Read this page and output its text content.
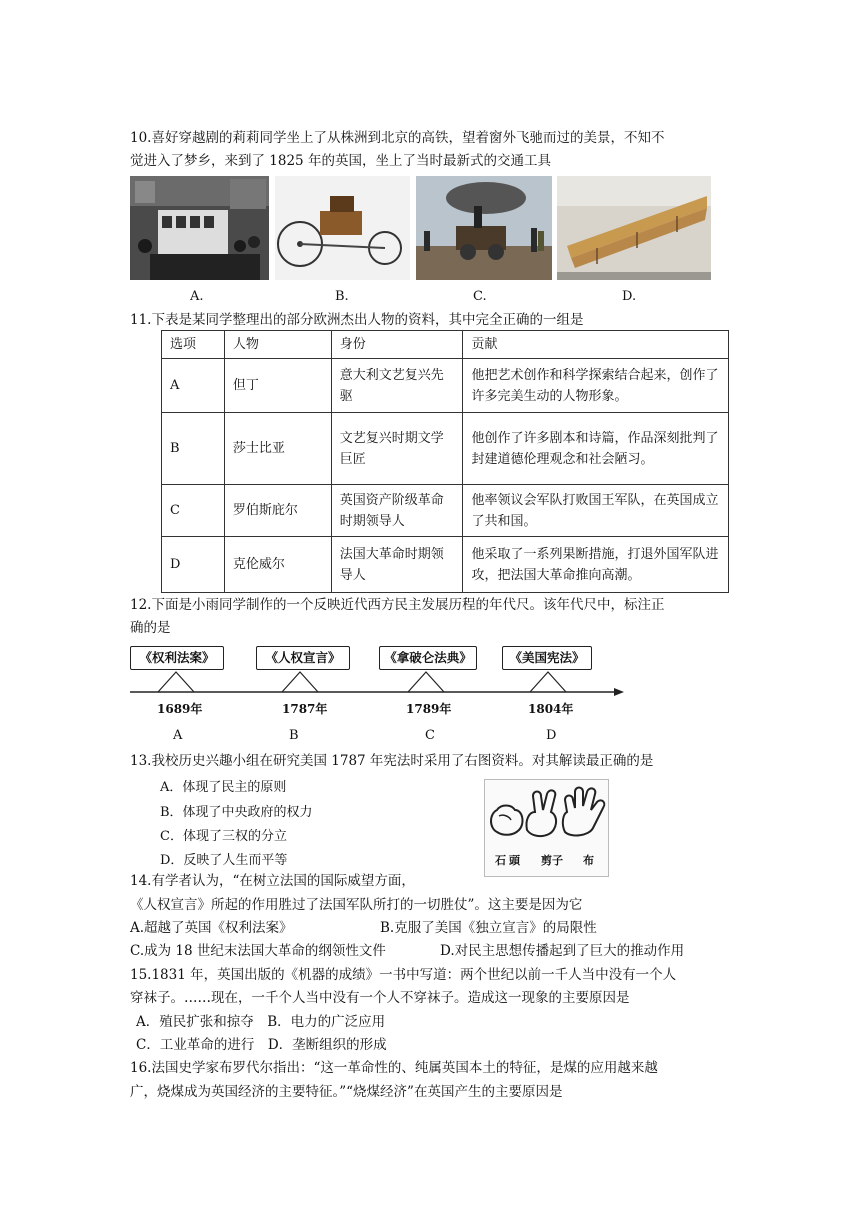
10.喜好穿越剧的莉莉同学坐上了从株洲到北京的高铁，望着窗外飞驰而过的美景，不知不
觉进入了梦乡，来到了 1825 年的英国，坐上了当时最新式的交通工具
A.	B.	C.	D.
11.下表是某同学整理出的部分欧洲杰出人物的资料，其中完全正确的一组是
选项	人物	身份	贡献
A	但丁	意大利文艺复兴先驱	他把艺术创作和科学探索结合起来，创作了许多完美生动的人物形象。
B	莎士比亚	文艺复兴时期文学巨匠	他创作了许多剧本和诗篇，作品深刻批判了封建道德伦理观念和社会陋习。
C	罗伯斯庇尔	英国资产阶级革命时期领导人	他率领议会军队打败国王军队，在英国成立了共和国。
D	克伦威尔	法国大革命时期领导人	他采取了一系列果断措施，打退外国军队进攻，把法国大革命推向高潮。
12.下面是小雨同学制作的一个反映近代西方民主发展历程的年代尺。该年代尺中，标注正
确的是
《权利法案》	《人权宣言》	《拿破仑法典》	《美国宪法》
1689年	1787年	1789年	1804年
A	B	C	D
13.我校历史兴趣小组在研究美国 1787 年宪法时采用了右图资料。对其解读最正确的是
A．体现了民主的原则
B．体现了中央政府的权力
C．体现了三权的分立
D．反映了人生而平等	石 頭 剪子 布
14.有学者认为，“在树立法国的国际威望方面，
《人权宣言》所起的作用胜过了法国军队所打的一切胜仗”。这主要是因为它
A.超越了英国《权利法案》	B.克服了美国《独立宣言》的局限性
C.成为 18 世纪末法国大革命的纲领性文件	D.对民主思想传播起到了巨大的推动作用
15.1831 年，英国出版的《机器的成绩》一书中写道：两个世纪以前一千人当中没有一个人
穿袜子。……现在，一千个人当中没有一个人不穿袜子。造成这一现象的主要原因是
A．殖民扩张和掠夺　B．电力的广泛应用
C．工业革命的进行　D．垄断组织的形成
16.法国史学家布罗代尔指出：“这一革命性的、纯属英国本土的特征，是煤的应用越来越
广，烧煤成为英国经济的主要特征。”“烧煤经济”在英国产生的主要原因是
